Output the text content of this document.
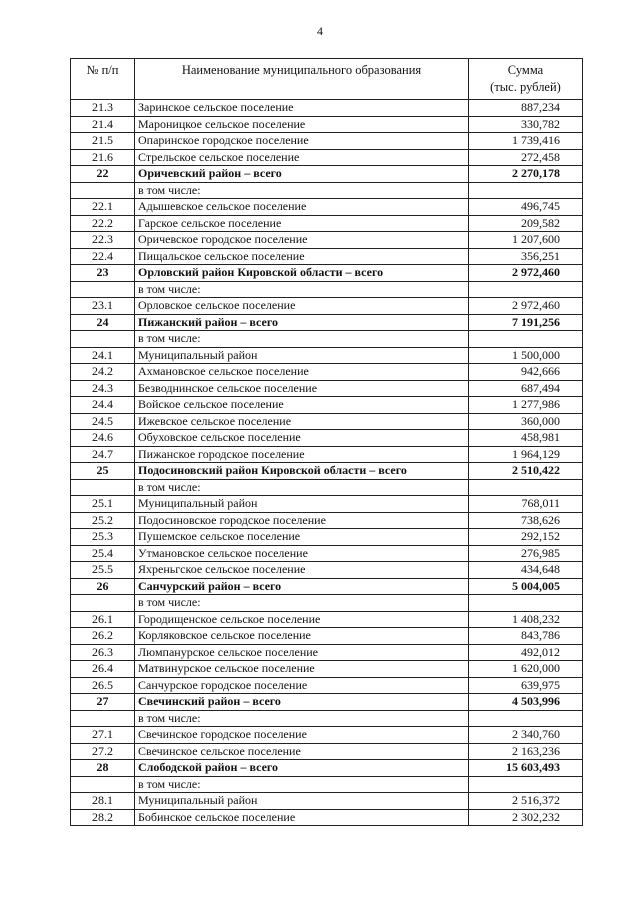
4
№ п/п	Наименование муниципального образования	Сумма
(тыс. рублей)
21.3	Заринское сельское поселение	887,234
21.4	Мароницкое сельское поселение	330,782
21.5	Опаринское городское поселение	1 739,416
21.6	Стрельское сельское поселение	272,458
22	Оричевский район – всего	2 270,178
	в том числе:	
22.1	Адышевское сельское поселение	496,745
22.2	Гарское сельское поселение	209,582
22.3	Оричевское городское поселение	1 207,600
22.4	Пищальское сельское поселение	356,251
23	Орловский район Кировской области – всего	2 972,460
	в том числе:	
23.1	Орловское сельское поселение	2 972,460
24	Пижанский район – всего	7 191,256
	в том числе:	
24.1	Муниципальный район	1 500,000
24.2	Ахмановское сельское поселение	942,666
24.3	Безводнинское сельское поселение	687,494
24.4	Войское сельское поселение	1 277,986
24.5	Ижевское сельское поселение	360,000
24.6	Обуховское сельское поселение	458,981
24.7	Пижанское городское поселение	1 964,129
25	Подосиновский район Кировской области – всего	2 510,422
	в том числе:	
25.1	Муниципальный район	768,011
25.2	Подосиновское городское поселение	738,626
25.3	Пушемское сельское поселение	292,152
25.4	Утмановское сельское поселение	276,985
25.5	Яхреньгское сельское поселение	434,648
26	Санчурский район – всего	5 004,005
	в том числе:	
26.1	Городищенское сельское поселение	1 408,232
26.2	Корляковское сельское поселение	843,786
26.3	Люмпанурское сельское поселение	492,012
26.4	Матвинурское сельское поселение	1 620,000
26.5	Санчурское городское поселение	639,975
27	Свечинский район – всего	4 503,996
	в том числе:	
27.1	Свечинское городское поселение	2 340,760
27.2	Свечинское сельское поселение	2 163,236
28	Слободской район – всего	15 603,493
	в том числе:	
28.1	Муниципальный район	2 516,372
28.2	Бобинское сельское поселение	2 302,232
